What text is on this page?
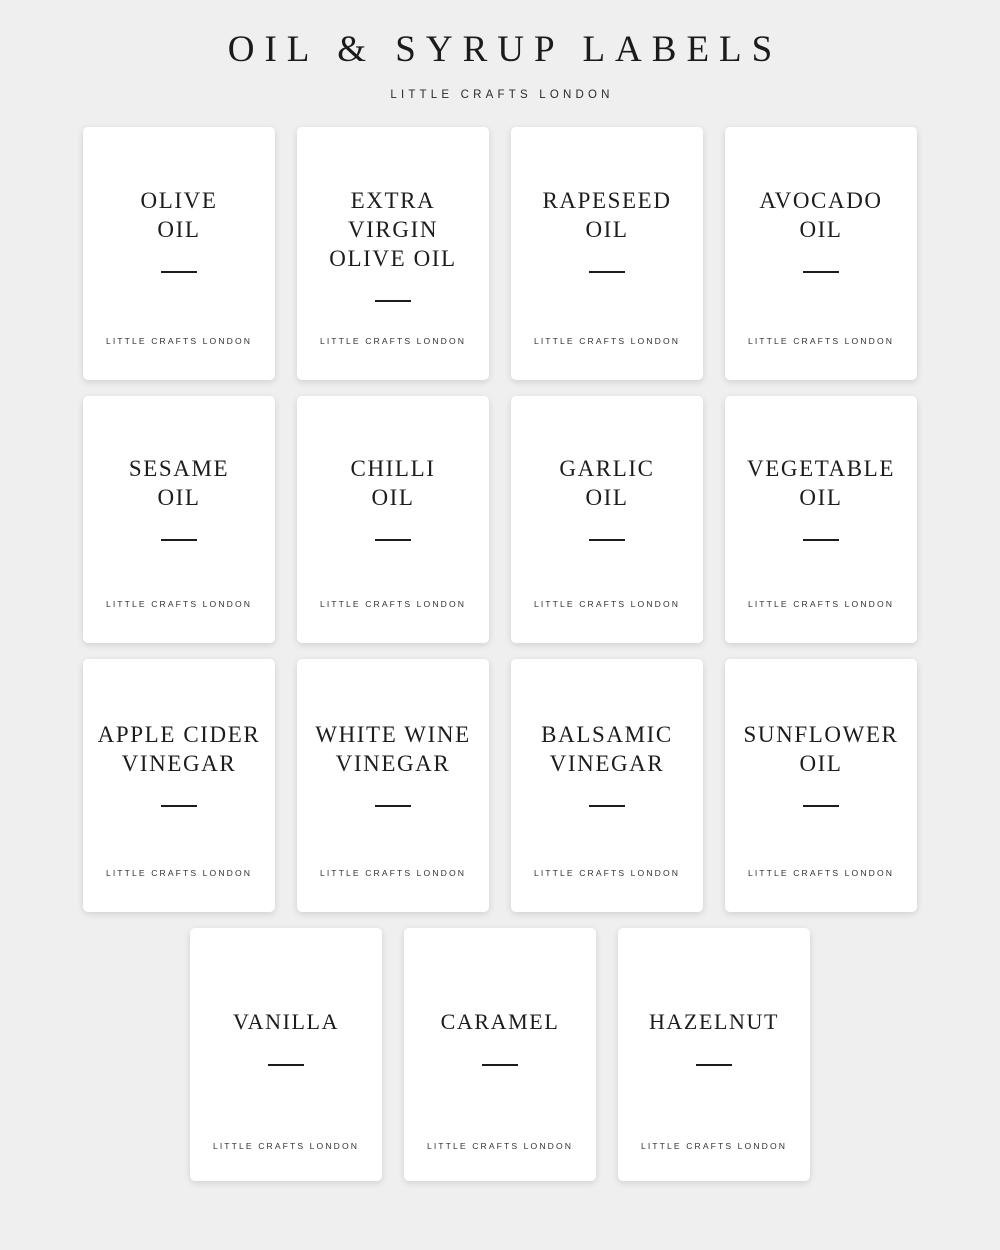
OIL & SYRUP LABELS
LITTLE CRAFTS LONDON
OLIVE
OIL
LITTLE CRAFTS LONDON
EXTRA VIRGIN
OLIVE OIL
LITTLE CRAFTS LONDON
RAPESEED
OIL
LITTLE CRAFTS LONDON
AVOCADO
OIL
LITTLE CRAFTS LONDON
SESAME
OIL
LITTLE CRAFTS LONDON
CHILLI
OIL
LITTLE CRAFTS LONDON
GARLIC
OIL
LITTLE CRAFTS LONDON
VEGETABLE
OIL
LITTLE CRAFTS LONDON
APPLE CIDER
VINEGAR
LITTLE CRAFTS LONDON
WHITE WINE
VINEGAR
LITTLE CRAFTS LONDON
BALSAMIC
VINEGAR
LITTLE CRAFTS LONDON
SUNFLOWER
OIL
LITTLE CRAFTS LONDON
VANILLA
LITTLE CRAFTS LONDON
CARAMEL
LITTLE CRAFTS LONDON
HAZELNUT
LITTLE CRAFTS LONDON
